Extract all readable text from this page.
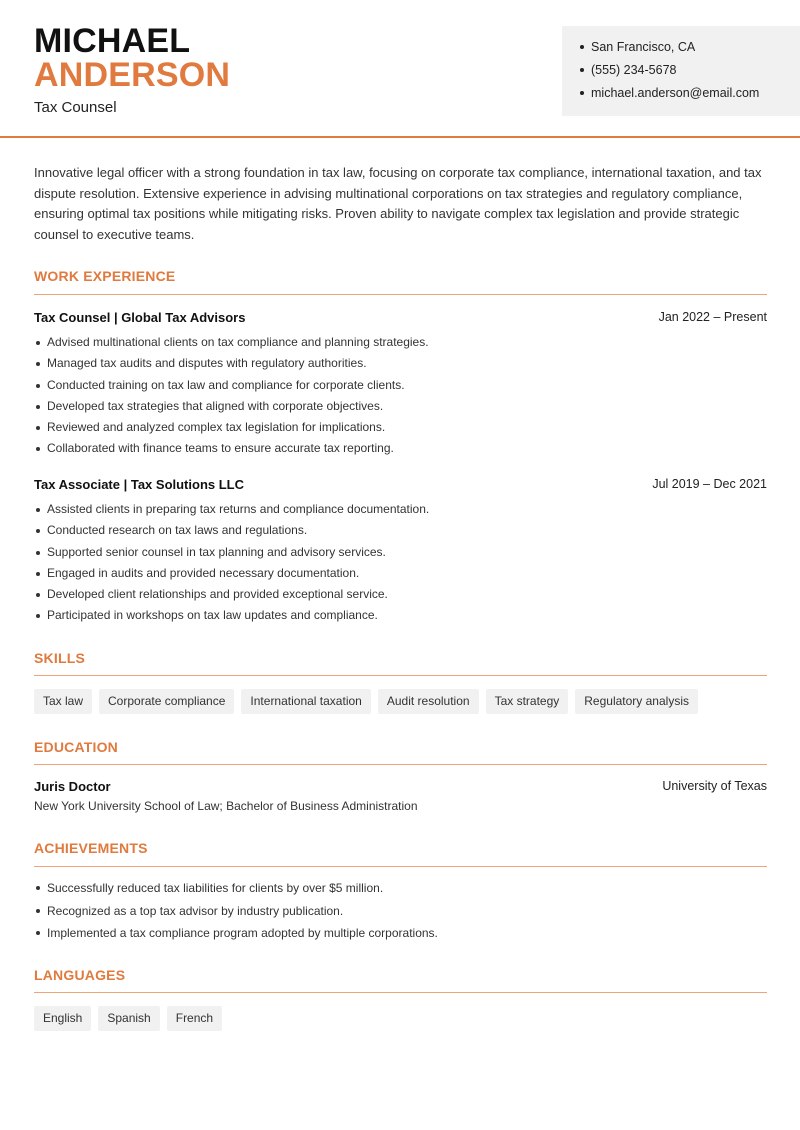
MICHAEL
ANDERSON
Tax Counsel
San Francisco, CA
(555) 234-5678
michael.anderson@email.com
Innovative legal officer with a strong foundation in tax law, focusing on corporate tax compliance, international taxation, and tax dispute resolution. Extensive experience in advising multinational corporations on tax strategies and regulatory compliance, ensuring optimal tax positions while mitigating risks. Proven ability to navigate complex tax legislation and provide strategic counsel to executive teams.
WORK EXPERIENCE
Tax Counsel | Global Tax Advisors	Jan 2022 – Present
Advised multinational clients on tax compliance and planning strategies.
Managed tax audits and disputes with regulatory authorities.
Conducted training on tax law and compliance for corporate clients.
Developed tax strategies that aligned with corporate objectives.
Reviewed and analyzed complex tax legislation for implications.
Collaborated with finance teams to ensure accurate tax reporting.
Tax Associate | Tax Solutions LLC	Jul 2019 – Dec 2021
Assisted clients in preparing tax returns and compliance documentation.
Conducted research on tax laws and regulations.
Supported senior counsel in tax planning and advisory services.
Engaged in audits and provided necessary documentation.
Developed client relationships and provided exceptional service.
Participated in workshops on tax law updates and compliance.
SKILLS
Tax law	Corporate compliance	International taxation	Audit resolution	Tax strategy	Regulatory analysis
EDUCATION
Juris Doctor	University of Texas
New York University School of Law; Bachelor of Business Administration
ACHIEVEMENTS
Successfully reduced tax liabilities for clients by over $5 million.
Recognized as a top tax advisor by industry publication.
Implemented a tax compliance program adopted by multiple corporations.
LANGUAGES
English	Spanish	French
